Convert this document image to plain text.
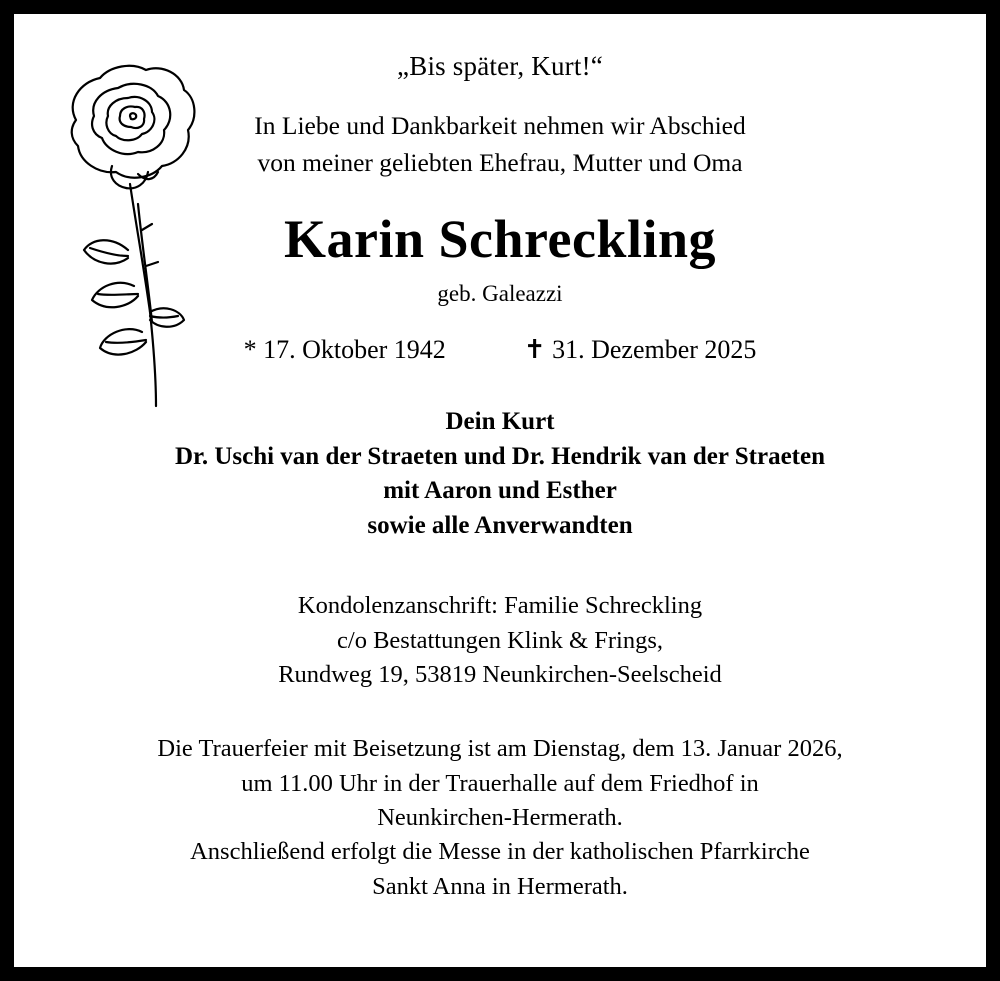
„Bis später, Kurt!“
In Liebe und Dankbarkeit nehmen wir Abschied
von meiner geliebten Ehefrau, Mutter und Oma
Karin Schreckling
geb. Galeazzi
* 17. Oktober 1942	✝ 31. Dezember 2025
Dein Kurt
Dr. Uschi van der Straeten und Dr. Hendrik van der Straeten
mit Aaron und Esther
sowie alle Anverwandten
Kondolenzanschrift: Familie Schreckling
c/o Bestattungen Klink & Frings,
Rundweg 19, 53819 Neunkirchen-Seelscheid
Die Trauerfeier mit Beisetzung ist am Dienstag, dem 13. Januar 2026,
um 11.00 Uhr in der Trauerhalle auf dem Friedhof in
Neunkirchen-Hermerath.
Anschließend erfolgt die Messe in der katholischen Pfarrkirche
Sankt Anna in Hermerath.
